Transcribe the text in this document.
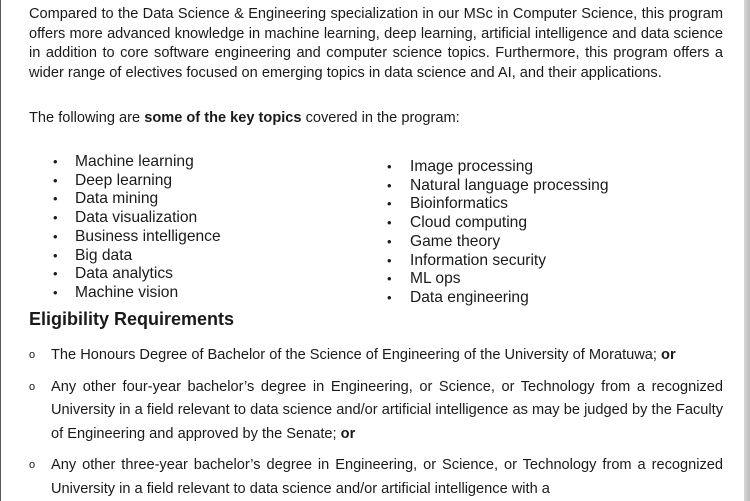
Compared to the Data Science & Engineering specialization in our MSc in Computer Science, this program offers more advanced knowledge in machine learning, deep learning, artificial intelligence and data science in addition to core software engineering and computer science topics. Furthermore, this program offers a wider range of electives focused on emerging topics in data science and AI, and their applications.

The following are some of the key topics covered in the program:

• Machine learning
• Deep learning
• Data mining
• Data visualization
• Business intelligence
• Big data
• Data analytics
• Machine vision
• Image processing
• Natural language processing
• Bioinformatics
• Cloud computing
• Game theory
• Information security
• ML ops
• Data engineering
Eligibility Requirements
o The Honours Degree of Bachelor of the Science of Engineering of the University of Moratuwa; or
o Any other four-year bachelor’s degree in Engineering, or Science, or Technology from a recognized University in a field relevant to data science and/or artificial intelligence as may be judged by the Faculty of Engineering and approved by the Senate; or
o Any other three-year bachelor’s degree in Engineering, or Science, or Technology from a recognized University in a field relevant to data science and/or artificial intelligence with a
